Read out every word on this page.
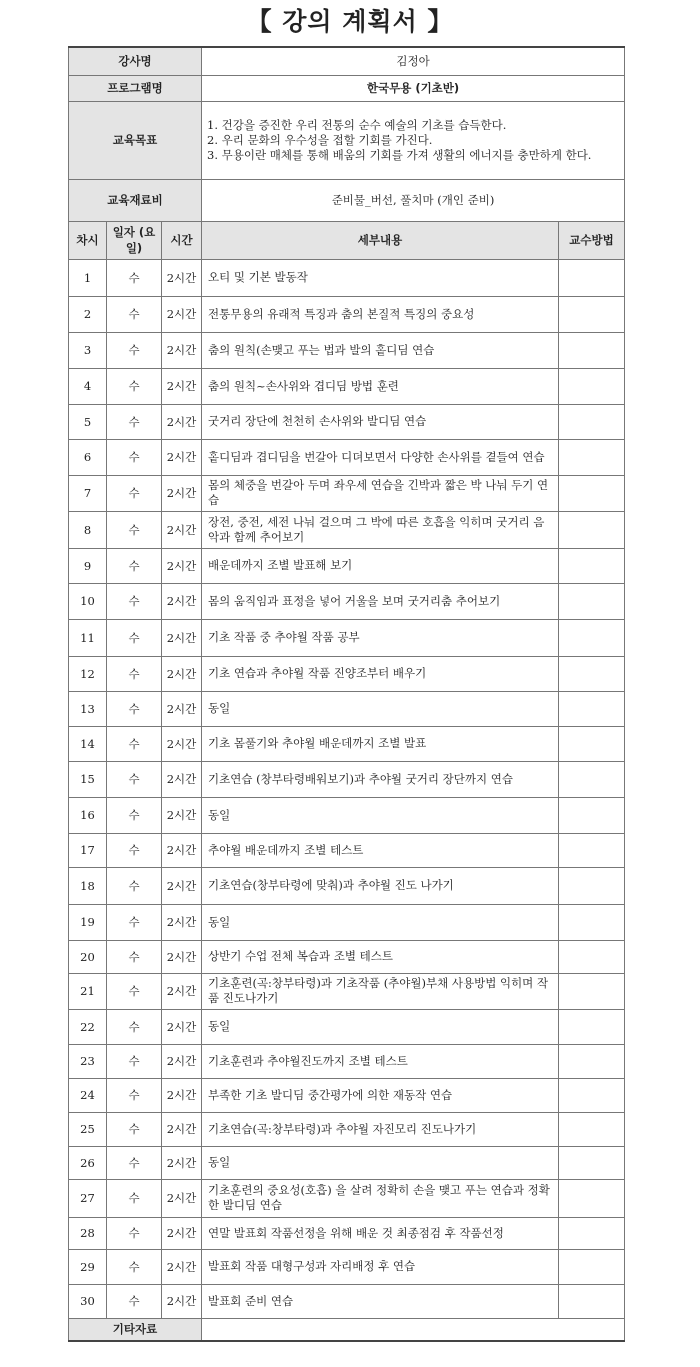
【 강의 계획서 】
강사명			김정아	
프로그램명			한국무용 (기초반)	
교육목표			1. 건강을 증진한 우리 전통의 순수 예술의 기초를 습득한다.
2. 우리 문화의 우수성을 접할 기회를 가진다.
3. 무용이란 매체를 통해 배움의 기회를 가져 생활의 에너지를 충만하게 한다.	

교육재료비			준비물_버선, 풀치마 (개인 준비)	
차시	일자 (요일)	시간	세부내용	교수방법
1	수	2시간	오티 및 기본 발동작	
2	수	2시간	전통무용의 유래적 특징과 춤의 본질적 특징의 중요성	
3	수	2시간	춤의 원칙(손맺고 푸는 법과 발의 홑디딤 연습	
4	수	2시간	춤의 원칙~손사위와 겹디딤 방법 훈련	
5	수	2시간	굿거리 장단에 천천히 손사위와 발디딤 연습	
6	수	2시간	홑디딤과 겹디딤을 번갈아 디뎌보면서 다양한 손사위를 곁들여 연습	
7	수	2시간	몸의 체중을 번갈아 두며 좌우세 연습을 긴박과 짧은 박 나눠 두기 연습	
8	수	2시간	장전, 중전, 세전 나눠 걸으며 그 박에 따른 호흡을 익히며 굿거리 음악과 함께 추어보기	
9	수	2시간	배운데까지 조별 발표해 보기	
10	수	2시간	몸의 움직임과 표정을 넣어 거울을 보며 굿거리춤 추어보기	
11	수	2시간	기초 작품 중 추야월 작품 공부	
12	수	2시간	기초 연습과 추야월 작품 진양조부터 배우기	
13	수	2시간	동일	
14	수	2시간	기초 몸풀기와 추야월 배운데까지 조별 발표	
15	수	2시간	기초연습 (창부타령배워보기)과 추야월 굿거리 장단까지 연습	
16	수	2시간	동일	
17	수	2시간	추야월 배운데까지 조별 테스트	
18	수	2시간	기초연습(창부타령에 맞춰)과 추야월 진도 나가기	
19	수	2시간	동일	
20	수	2시간	상반기 수업 전체 복습과 조별 테스트	
21	수	2시간	기초훈련(곡:창부타령)과 기초작품 (추야월)부채 사용방법 익히며 작품 진도나가기	
22	수	2시간	동일	
23	수	2시간	기초훈련과 추야월진도까지 조별 테스트	
24	수	2시간	부족한 기초 발디딤 중간평가에 의한 재동작 연습	
25	수	2시간	기초연습(곡:창부타령)과 추야월 자진모리 진도나가기	
26	수	2시간	동일	
27	수	2시간	기초훈련의 중요성(호흡) 을 살려 정확히 손을 맺고 푸는 연습과 정확한 발디딤 연습	
28	수	2시간	연말 발표회 작품선정을 위해 배운 것 최종점검 후 작품선정	
29	수	2시간	발표회 작품 대형구성과 자리배정 후 연습	
30	수	2시간	발표회 준비 연습	
기타자료				
